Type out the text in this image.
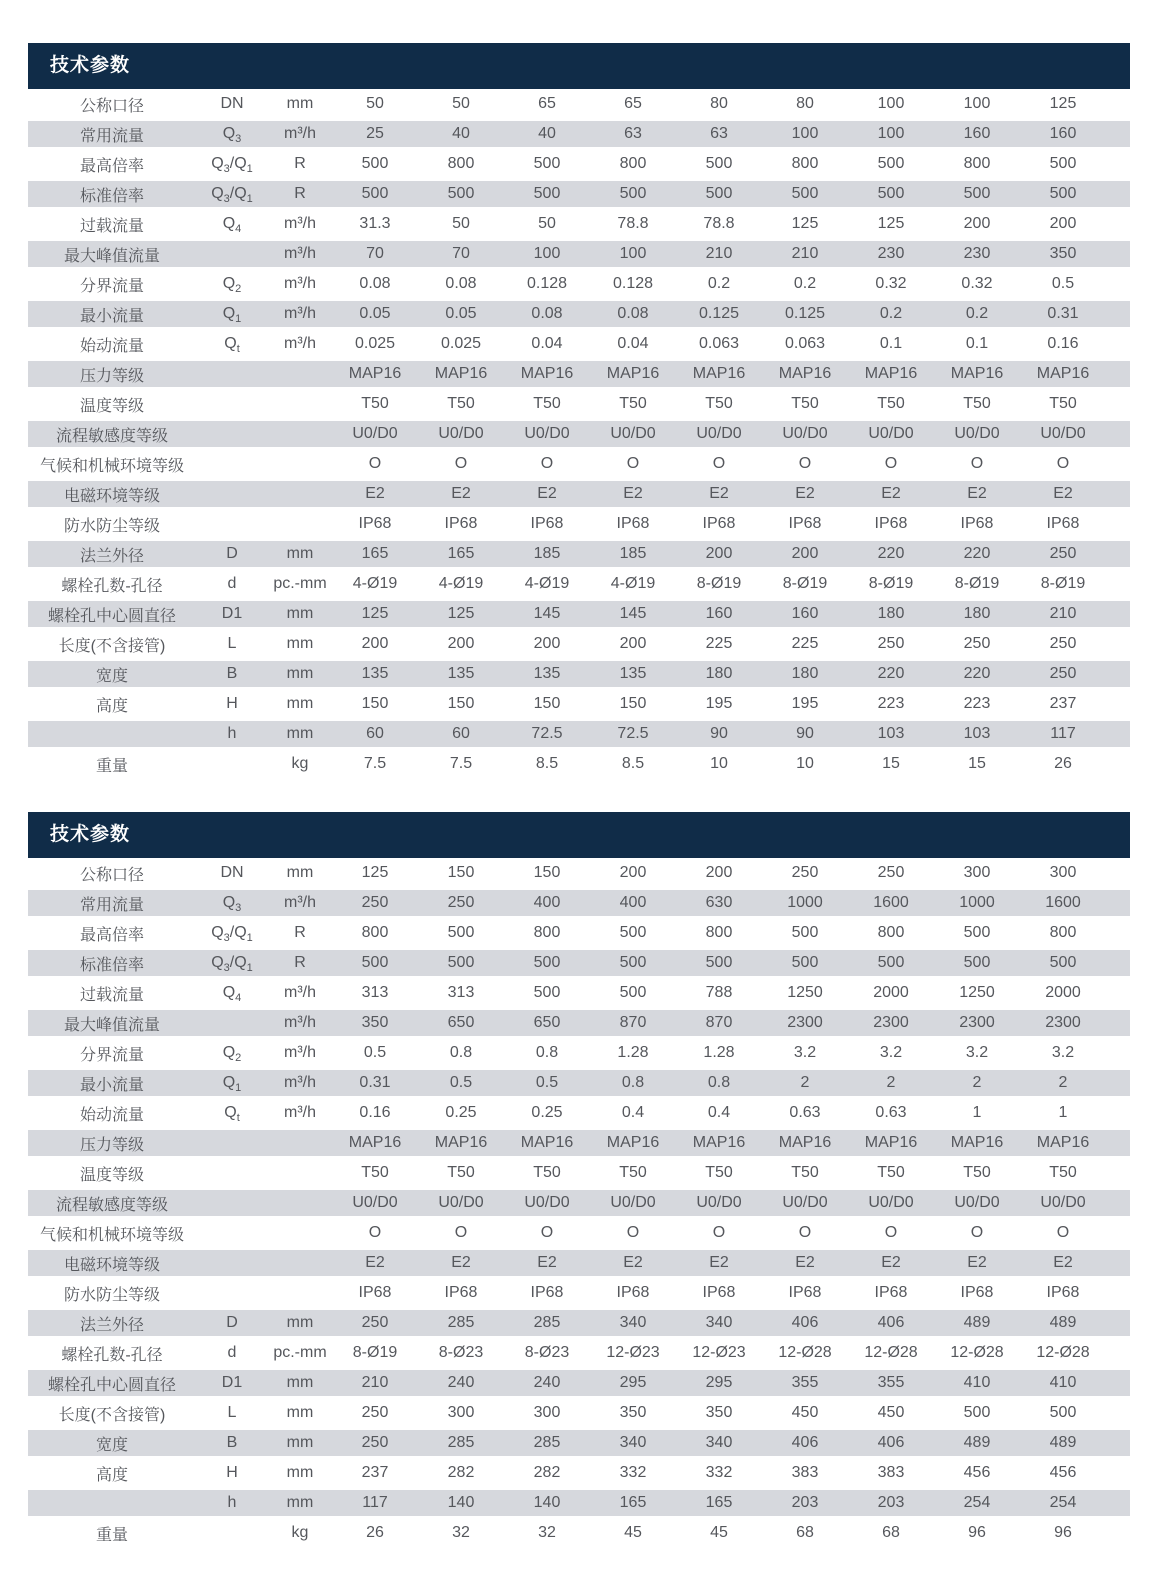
技术参数
公称口径	DN	mm	50	50	65	65	80	80	100	100	125	
常用流量	$Q_3$	m³/h	25	40	40	63	63	100	100	160	160	
最高倍率	$Q_3/Q_1$	R	500	800	500	800	500	800	500	800	500	
标准倍率	$Q_3/Q_1$	R	500	500	500	500	500	500	500	500	500	
过载流量	$Q_4$	m³/h	31.3	50	50	78.8	78.8	125	125	200	200	
最大峰值流量		m³/h	70	70	100	100	210	210	230	230	350	
分界流量	$Q_2$	m³/h	0.08	0.08	0.128	0.128	0.2	0.2	0.32	0.32	0.5	
最小流量	$Q_1$	m³/h	0.05	0.05	0.08	0.08	0.125	0.125	0.2	0.2	0.31	
始动流量	$Q_t$	m³/h	0.025	0.025	0.04	0.04	0.063	0.063	0.1	0.1	0.16	
压力等级			MAP16	MAP16	MAP16	MAP16	MAP16	MAP16	MAP16	MAP16	MAP16	
温度等级			T50	T50	T50	T50	T50	T50	T50	T50	T50	
流程敏感度等级			U0/D0	U0/D0	U0/D0	U0/D0	U0/D0	U0/D0	U0/D0	U0/D0	U0/D0	
气候和机械环境等级			O	O	O	O	O	O	O	O	O	
电磁环境等级			E2	E2	E2	E2	E2	E2	E2	E2	E2	
防水防尘等级			IP68	IP68	IP68	IP68	IP68	IP68	IP68	IP68	IP68	
法兰外径	D	mm	165	165	185	185	200	200	220	220	250	
螺栓孔数-孔径	d	pc.-mm	4-Ø19	4-Ø19	4-Ø19	4-Ø19	8-Ø19	8-Ø19	8-Ø19	8-Ø19	8-Ø19	
螺栓孔中心圆直径	D1	mm	125	125	145	145	160	160	180	180	210	
长度(不含接管)	L	mm	200	200	200	200	225	225	250	250	250	
宽度	B	mm	135	135	135	135	180	180	220	220	250	
高度	H	mm	150	150	150	150	195	195	223	223	237	
	h	mm	60	60	72.5	72.5	90	90	103	103	117	
重量		kg	7.5	7.5	8.5	8.5	10	10	15	15	26	
技术参数
公称口径	DN	mm	125	150	150	200	200	250	250	300	300	
常用流量	$Q_3$	m³/h	250	250	400	400	630	1000	1600	1000	1600	
最高倍率	$Q_3/Q_1$	R	800	500	800	500	800	500	800	500	800	
标准倍率	$Q_3/Q_1$	R	500	500	500	500	500	500	500	500	500	
过载流量	$Q_4$	m³/h	313	313	500	500	788	1250	2000	1250	2000	
最大峰值流量		m³/h	350	650	650	870	870	2300	2300	2300	2300	
分界流量	$Q_2$	m³/h	0.5	0.8	0.8	1.28	1.28	3.2	3.2	3.2	3.2	
最小流量	$Q_1$	m³/h	0.31	0.5	0.5	0.8	0.8	2	2	2	2	
始动流量	$Q_t$	m³/h	0.16	0.25	0.25	0.4	0.4	0.63	0.63	1	1	
压力等级			MAP16	MAP16	MAP16	MAP16	MAP16	MAP16	MAP16	MAP16	MAP16	
温度等级			T50	T50	T50	T50	T50	T50	T50	T50	T50	
流程敏感度等级			U0/D0	U0/D0	U0/D0	U0/D0	U0/D0	U0/D0	U0/D0	U0/D0	U0/D0	
气候和机械环境等级			O	O	O	O	O	O	O	O	O	
电磁环境等级			E2	E2	E2	E2	E2	E2	E2	E2	E2	
防水防尘等级			IP68	IP68	IP68	IP68	IP68	IP68	IP68	IP68	IP68	
法兰外径	D	mm	250	285	285	340	340	406	406	489	489	
螺栓孔数-孔径	d	pc.-mm	8-Ø19	8-Ø23	8-Ø23	12-Ø23	12-Ø23	12-Ø28	12-Ø28	12-Ø28	12-Ø28	
螺栓孔中心圆直径	D1	mm	210	240	240	295	295	355	355	410	410	
长度(不含接管)	L	mm	250	300	300	350	350	450	450	500	500	
宽度	B	mm	250	285	285	340	340	406	406	489	489	
高度	H	mm	237	282	282	332	332	383	383	456	456	
	h	mm	117	140	140	165	165	203	203	254	254	
重量		kg	26	32	32	45	45	68	68	96	96	
